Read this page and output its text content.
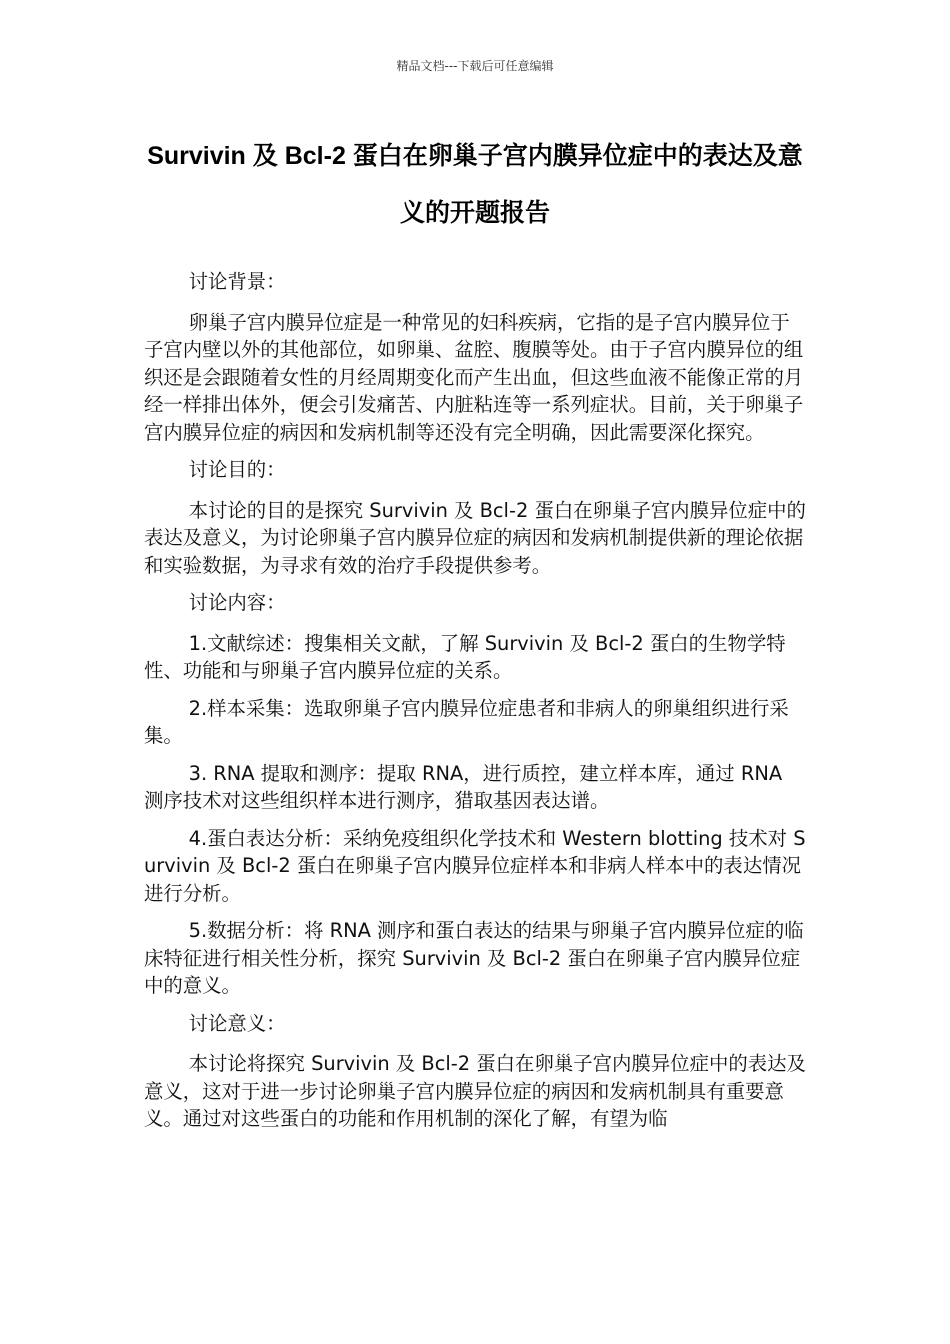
精品文档---下载后可任意编辑
Survivin 及 Bcl-2 蛋白在卵巢子宫内膜异位症中的表达及意义的开题报告

讨论背景：

卵巢子宫内膜异位症是一种常见的妇科疾病，它指的是子宫内膜异位于子宫内壁以外的其他部位，如卵巢、盆腔、腹膜等处。由于子宫内膜异位的组织还是会跟随着女性的月经周期变化而产生出血，但这些血液不能像正常的月经一样排出体外，便会引发痛苦、内脏粘连等一系列症状。目前，关于卵巢子宫内膜异位症的病因和发病机制等还没有完全明确，因此需要深化探究。

讨论目的：

本讨论的目的是探究 Survivin 及 Bcl-2 蛋白在卵巢子宫内膜异位症中的表达及意义，为讨论卵巢子宫内膜异位症的病因和发病机制提供新的理论依据和实验数据，为寻求有效的治疗手段提供参考。

讨论内容：

1.文献综述：搜集相关文献，了解 Survivin 及 Bcl-2 蛋白的生物学特性、功能和与卵巢子宫内膜异位症的关系。

2.样本采集：选取卵巢子宫内膜异位症患者和非病人的卵巢组织进行采集。

3. RNA 提取和测序：提取 RNA，进行质控，建立样本库，通过 RNA 测序技术对这些组织样本进行测序，猎取基因表达谱。

4.蛋白表达分析：采纳免疫组织化学技术和 Western blotting 技术对 Survivin 及 Bcl-2 蛋白在卵巢子宫内膜异位症样本和非病人样本中的表达情况进行分析。

5.数据分析：将 RNA 测序和蛋白表达的结果与卵巢子宫内膜异位症的临床特征进行相关性分析，探究 Survivin 及 Bcl-2 蛋白在卵巢子宫内膜异位症中的意义。

讨论意义：

本讨论将探究 Survivin 及 Bcl-2 蛋白在卵巢子宫内膜异位症中的表达及意义，这对于进一步讨论卵巢子宫内膜异位症的病因和发病机制具有重要意义。通过对这些蛋白的功能和作用机制的深化了解，有望为临
